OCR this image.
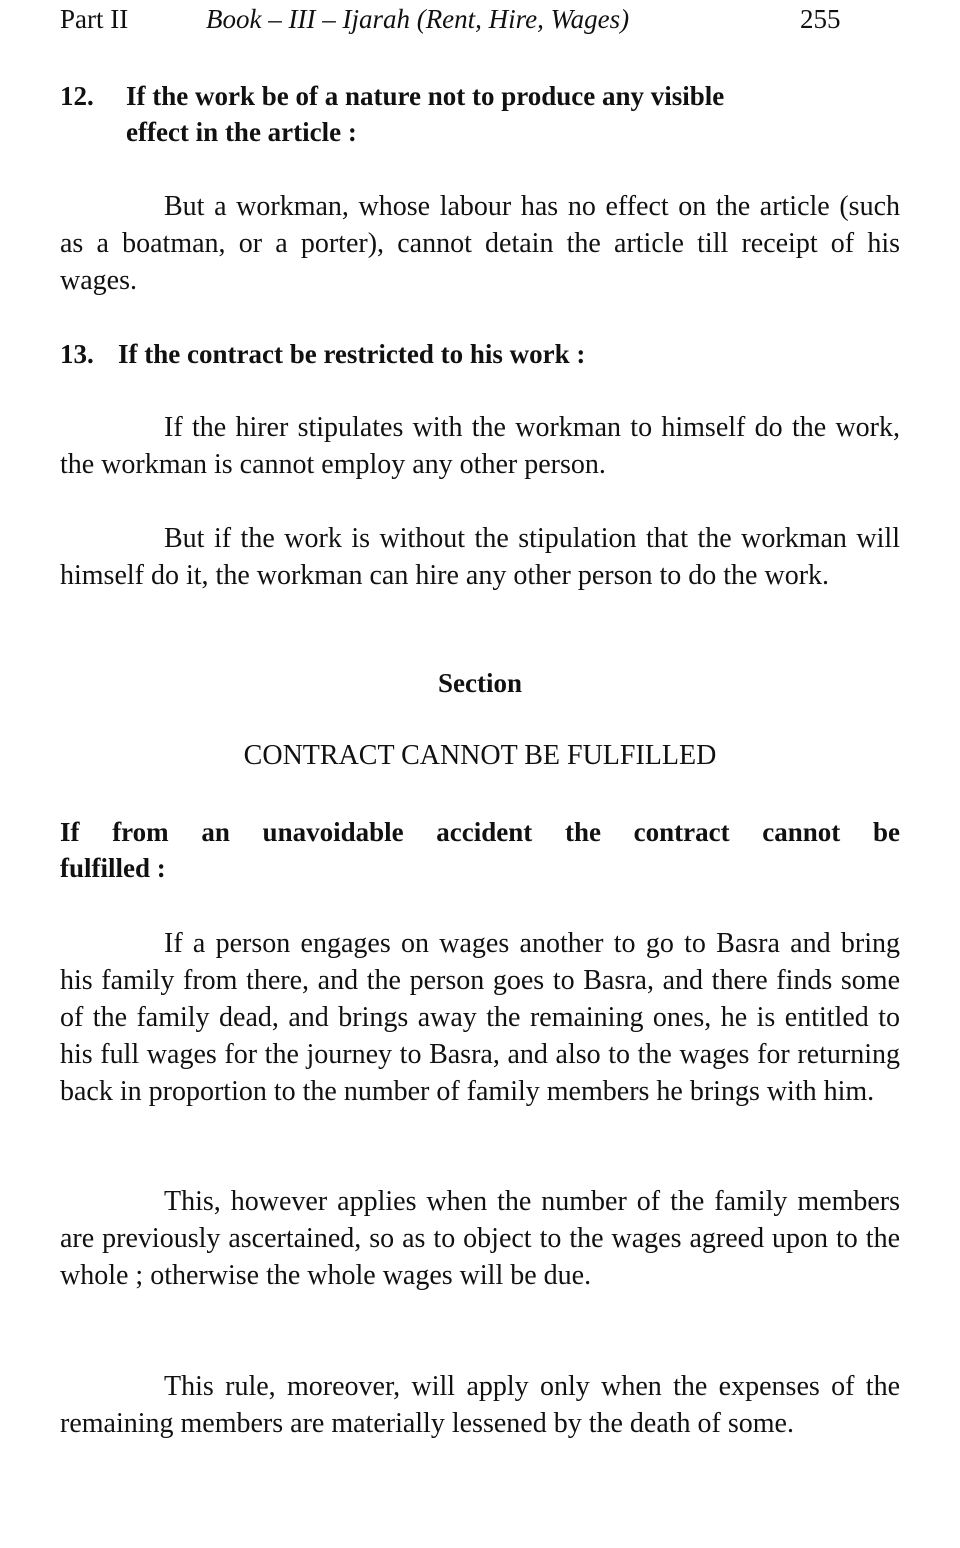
Part II	Book – III – Ijarah (Rent, Hire, Wages)	255
12. If the work be of a nature not to produce any visible
effect in the article :

But a workman, whose labour has no effect on the article (such as a boatman, or a porter), cannot detain the article till receipt of his wages.

13. If the contract be restricted to his work :

If the hirer stipulates with the workman to himself do the work, the workman is cannot employ any other person.

But if the work is without the stipulation that the workman will himself do it, the workman can hire any other person to do the work.

Section
CONTRACT CANNOT BE FULFILLED
If from an unavoidable accident the contract cannot be
fulfilled :

If a person engages on wages another to go to Basra and bring his family from there, and the person goes to Basra, and there finds some of the family dead, and brings away the remaining ones, he is entitled to his full wages for the journey to Basra, and also to the wages for returning back in proportion to the number of family members he brings with him.

This, however applies when the number of the family members are previously ascertained, so as to object to the wages agreed upon to the whole ; otherwise the whole wages will be due.

This rule, moreover, will apply only when the expenses of the remaining members are materially lessened by the death of some.
